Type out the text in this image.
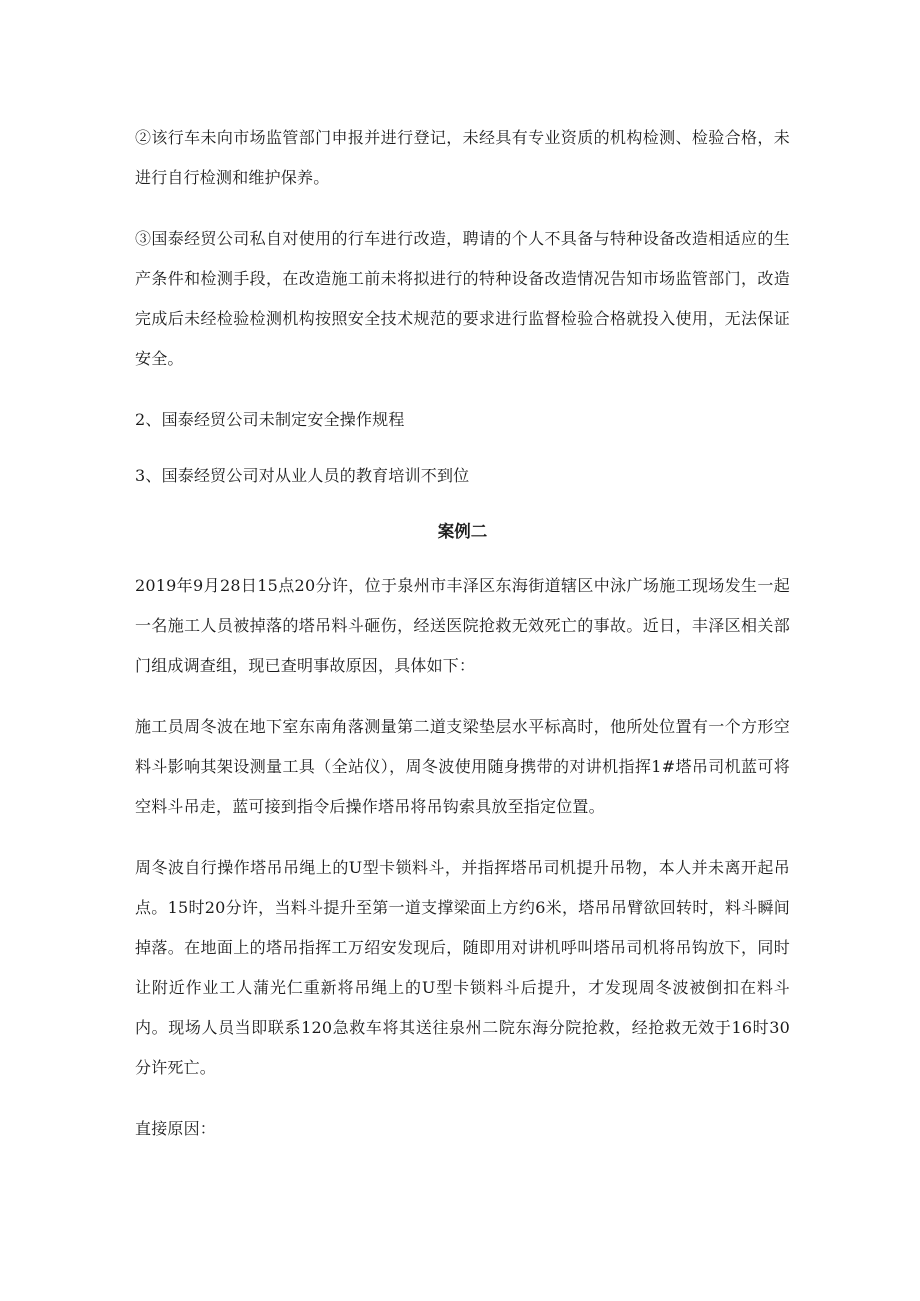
②该行车未向市场监管部门申报并进行登记，未经具有专业资质的机构检测、检验合格，未进行自行检测和维护保养。

③国泰经贸公司私自对使用的行车进行改造，聘请的个人不具备与特种设备改造相适应的生产条件和检测手段，在改造施工前未将拟进行的特种设备改造情况告知市场监管部门，改造完成后未经检验检测机构按照安全技术规范的要求进行监督检验合格就投入使用，无法保证安全。

2、国泰经贸公司未制定安全操作规程

3、国泰经贸公司对从业人员的教育培训不到位

案例二

2019年9月28日15点20分许，位于泉州市丰泽区东海街道辖区中泳广场施工现场发生一起一名施工人员被掉落的塔吊料斗砸伤，经送医院抢救无效死亡的事故。近日，丰泽区相关部门组成调查组，现已查明事故原因，具体如下：

施工员周冬波在地下室东南角落测量第二道支梁垫层水平标高时，他所处位置有一个方形空料斗影响其架设测量工具（全站仪），周冬波使用随身携带的对讲机指挥1#塔吊司机蓝可将空料斗吊走，蓝可接到指令后操作塔吊将吊钩索具放至指定位置。

周冬波自行操作塔吊吊绳上的U型卡锁料斗，并指挥塔吊司机提升吊物，本人并未离开起吊点。15时20分许，当料斗提升至第一道支撑梁面上方约6米，塔吊吊臂欲回转时，料斗瞬间掉落。在地面上的塔吊指挥工万绍安发现后，随即用对讲机呼叫塔吊司机将吊钩放下，同时让附近作业工人蒲光仁重新将吊绳上的U型卡锁料斗后提升，才发现周冬波被倒扣在料斗内。现场人员当即联系120急救车将其送往泉州二院东海分院抢救，经抢救无效于16时30分许死亡。

直接原因：
